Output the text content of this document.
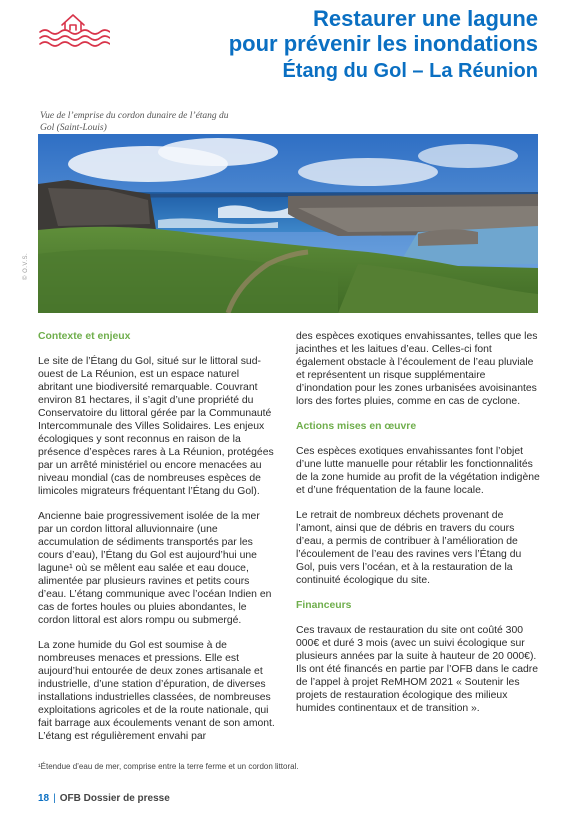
Restaurer une lagune
pour prévenir les inondations
Étang du Gol – La Réunion
Vue de l’emprise du cordon dunaire de l’étang du Gol (Saint-Louis)
© O.V.S.
Contexte et enjeux

Le site de l’Étang du Gol, situé sur le littoral sud-ouest de La Réunion, est un espace naturel abritant une biodiversité remarquable. Couvrant environ 81 hectares, il s’agit d’une propriété du Conservatoire du littoral gérée par la Communauté Intercommunale des Villes Solidaires. Les enjeux écologiques y sont reconnus en raison de la présence d’espèces rares à La Réunion, protégées par un arrêté ministériel ou encore menacées au niveau mondial (cas de nombreuses espèces de limicoles migrateurs fréquentant l’Étang du Gol).

Ancienne baie progressivement isolée de la mer par un cordon littoral alluvionnaire (une accumulation de sédiments transportés par les cours d’eau), l’Étang du Gol est aujourd’hui une lagune¹ où se mêlent eau salée et eau douce, alimentée par plusieurs ravines et petits cours d’eau. L’étang communique avec l’océan Indien en cas de fortes houles ou pluies abondantes, le cordon littoral est alors rompu ou submergé.

La zone humide du Gol est soumise à de nombreuses menaces et pressions. Elle est aujourd’hui entourée de deux zones artisanale et industrielle, d’une station d’épuration, de diverses installations industrielles classées, de nombreuses exploitations agricoles et de la route nationale, qui fait barrage aux écoulements venant de son amont. L’étang est régulièrement envahi par

des espèces exotiques envahissantes, telles que les jacinthes et les laitues d’eau. Celles-ci font également obstacle à l’écoulement de l’eau pluviale et représentent un risque supplémentaire d’inondation pour les zones urbanisées avoisinantes lors des fortes pluies, comme en cas de cyclone.

Actions mises en œuvre

Ces espèces exotiques envahissantes font l’objet d’une lutte manuelle pour rétablir les fonctionnalités de la zone humide au profit de la végétation indigène et d’une fréquentation de la faune locale.

Le retrait de nombreux déchets provenant de l’amont, ainsi que de débris en travers du cours d’eau, a permis de contribuer à l’amélioration de l’écoulement de l’eau des ravines vers l’Étang du Gol, puis vers l’océan, et à la restauration de la continuité écologique du site.

Financeurs

Ces travaux de restauration du site ont coûté 300 000€ et duré 3 mois (avec un suivi écologique sur plusieurs années par la suite à hauteur de 20 000€). Ils ont été financés en partie par l’OFB dans le cadre de l’appel à projet ReMHOM 2021 « Soutenir les projets de restauration écologique des milieux humides continentaux et de transition ».

¹Étendue d’eau de mer, comprise entre la terre ferme et un cordon littoral.
18 | OFB Dossier de presse
